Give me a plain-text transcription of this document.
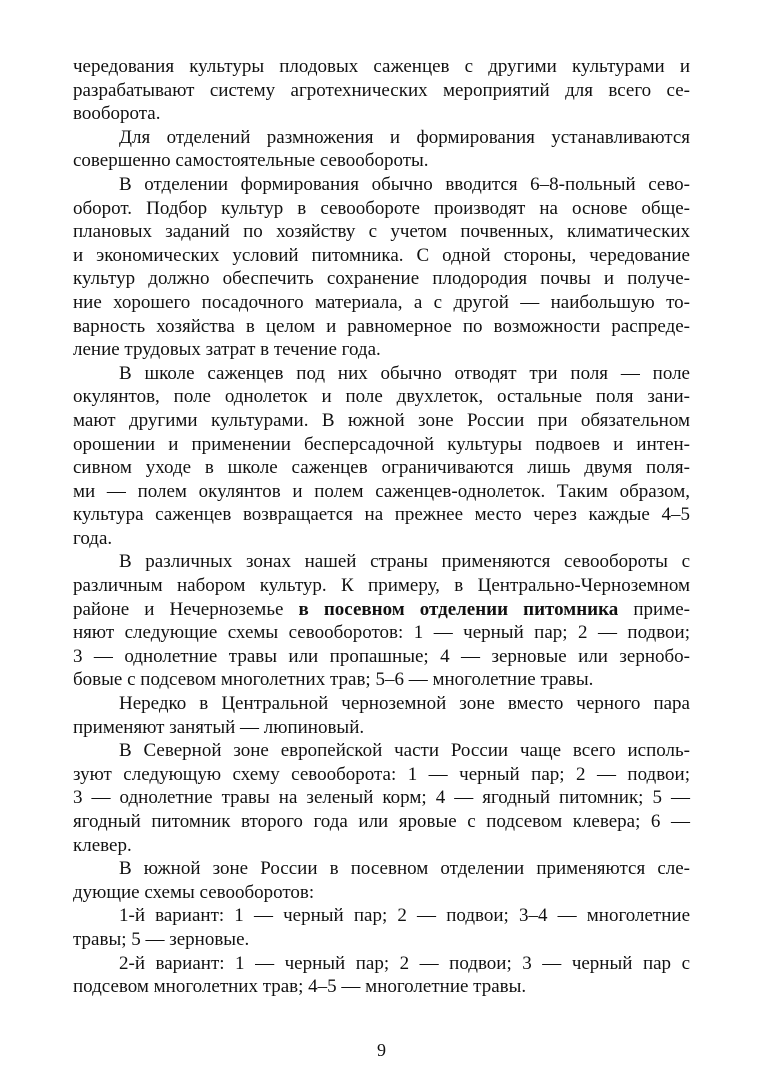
чередования культуры плодовых саженцев с другими культурами и
разрабатывают систему агротехнических мероприятий для всего се-
вооборота.
Для отделений размножения и формирования устанавливаются
совершенно самостоятельные севообороты.
В отделении формирования обычно вводится 6–8-польный сево-
оборот. Подбор культур в севообороте производят на основе обще-
плановых заданий по хозяйству с учетом почвенных, климатических
и экономических условий питомника. С одной стороны, чередование
культур должно обеспечить сохранение плодородия почвы и получе-
ние хорошего посадочного материала, а с другой — наибольшую то-
варность хозяйства в целом и равномерное по возможности распреде-
ление трудовых затрат в течение года.
В школе саженцев под них обычно отводят три поля — поле
окулянтов, поле однолеток и поле двухлеток, остальные поля зани-
мают другими культурами. В южной зоне России при обязательном
орошении и применении бесперсадочной культуры подвоев и интен-
сивном уходе в школе саженцев ограничиваются лишь двумя поля-
ми — полем окулянтов и полем саженцев-однолеток. Таким образом,
культура саженцев возвращается на прежнее место через каждые 4–5
года.
В различных зонах нашей страны применяются севообороты с
различным набором культур. К примеру, в Центрально-Черноземном
районе и Нечерноземье в посевном отделении питомника приме-
няют следующие схемы севооборотов: 1 — черный пар; 2 — подвои;
3 — однолетние травы или пропашные; 4 — зерновые или зернобо-
бовые с подсевом многолетних трав; 5–6 — многолетние травы.
Нередко в Центральной черноземной зоне вместо черного пара
применяют занятый — люпиновый.
В Северной зоне европейской части России чаще всего исполь-
зуют следующую схему севооборота: 1 — черный пар; 2 — подвои;
3 — однолетние травы на зеленый корм; 4 — ягодный питомник; 5 —
ягодный питомник второго года или яровые с подсевом клевера; 6 —
клевер.
В южной зоне России в посевном отделении применяются сле-
дующие схемы севооборотов:
1-й вариант: 1 — черный пар; 2 — подвои; 3–4 — многолетние
травы; 5 — зерновые.
2-й вариант: 1 — черный пар; 2 — подвои; 3 — черный пар с
подсевом многолетних трав; 4–5 — многолетние травы.
9
